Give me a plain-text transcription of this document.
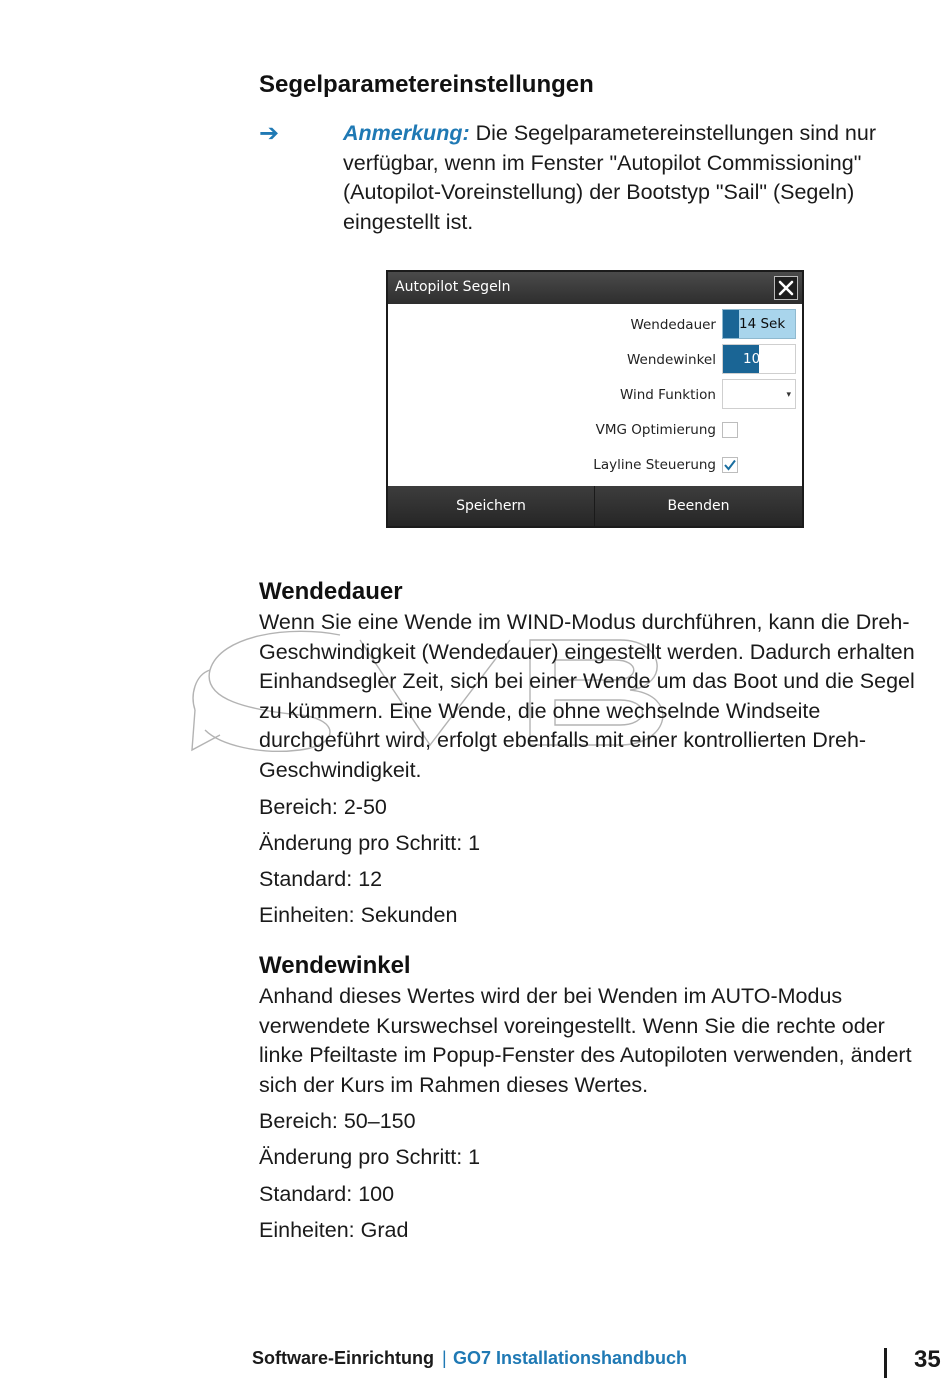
Segelparametereinstellungen
➔	Anmerkung: Die Segelparametereinstellungen sind nur verfügbar, wenn im Fenster "Autopilot Commissioning" (Autopilot-Voreinstellung) der Bootstyp "Sail" (Segeln) eingestellt ist.
Autopilot Segeln
Wendedauer 14 Sek
Wendewinkel 100 °
Wind Funktion	▾
VMG Optimierung
Layline Steuerung
Speichern	Beenden
Wendedauer
Wenn Sie eine Wende im WIND-Modus durchführen, kann die Dreh-Geschwindigkeit (Wendedauer) eingestellt werden. Dadurch erhalten Einhandsegler Zeit, sich bei einer Wende um das Boot und die Segel zu kümmern. Eine Wende, die ohne wechselnde Windseite durchgeführt wird, erfolgt ebenfalls mit einer kontrollierten Dreh-Geschwindigkeit.
Bereich: 2-50
Änderung pro Schritt: 1
Standard: 12
Einheiten: Sekunden
Wendewinkel
Anhand dieses Wertes wird der bei Wenden im AUTO-Modus verwendete Kurswechsel voreingestellt. Wenn Sie die rechte oder linke Pfeiltaste im Popup-Fenster des Autopiloten verwenden, ändert sich der Kurs im Rahmen dieses Wertes.
Bereich: 50–150
Änderung pro Schritt: 1
Standard: 100
Einheiten: Grad
Software-Einrichtung | GO7 Installationshandbuch	35
